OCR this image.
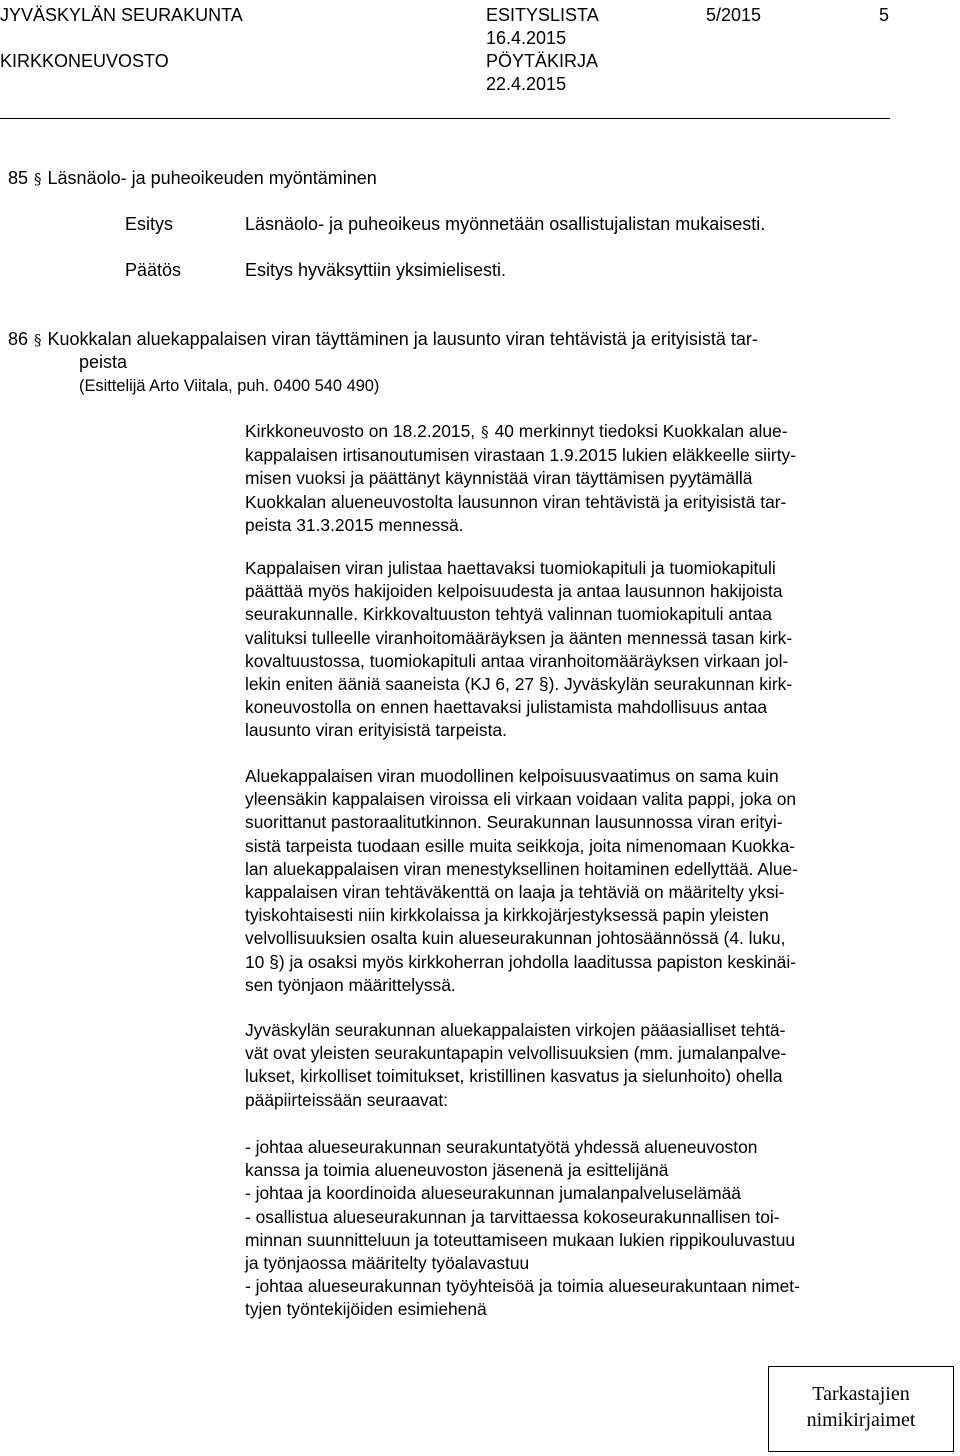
JYVÄSKYLÄN SEURAKUNTA
KIRKKONEUVOSTO
ESITYSLISTA
16.4.2015
PÖYTÄKIRJA
22.4.2015
5/2015	5
85 § Läsnäolo- ja puheoikeuden myöntäminen
Esitys	Läsnäolo- ja puheoikeus myönnetään osallistujalistan mukaisesti.
Päätös	Esitys hyväksyttiin yksimielisesti.
86 § Kuokkalan aluekappalaisen viran täyttäminen ja lausunto viran tehtävistä ja erityisistä tar-
peista
(Esittelijä Arto Viitala, puh. 0400 540 490)
Kirkkoneuvosto on 18.2.2015, § 40 merkinnyt tiedoksi Kuokkalan alue-
kappalaisen irtisanoutumisen virastaan 1.9.2015 lukien eläkkeelle siirty-
misen vuoksi ja päättänyt käynnistää viran täyttämisen pyytämällä
Kuokkalan alueneuvostolta lausunnon viran tehtävistä ja erityisistä tar-
peista 31.3.2015 mennessä.
Kappalaisen viran julistaa haettavaksi tuomiokapituli ja tuomiokapituli
päättää myös hakijoiden kelpoisuudesta ja antaa lausunnon hakijoista
seurakunnalle. Kirkkovaltuuston tehtyä valinnan tuomiokapituli antaa
valituksi tulleelle viranhoitomääräyksen ja äänten mennessä tasan kirk-
kovaltuustossa, tuomiokapituli antaa viranhoitomääräyksen virkaan jol-
lekin eniten ääniä saaneista (KJ 6, 27 §). Jyväskylän seurakunnan kirk-
koneuvostolla on ennen haettavaksi julistamista mahdollisuus antaa
lausunto viran erityisistä tarpeista.
Aluekappalaisen viran muodollinen kelpoisuusvaatimus on sama kuin
yleensäkin kappalaisen viroissa eli virkaan voidaan valita pappi, joka on
suorittanut pastoraalitutkinnon. Seurakunnan lausunnossa viran erityi-
sistä tarpeista tuodaan esille muita seikkoja, joita nimenomaan Kuokka-
lan aluekappalaisen viran menestyksellinen hoitaminen edellyttää. Alue-
kappalaisen viran tehtäväkenttä on laaja ja tehtäviä on määritelty yksi-
tyiskohtaisesti niin kirkkolaissa ja kirkkojärjestyksessä papin yleisten
velvollisuuksien osalta kuin alueseurakunnan johtosäännössä (4. luku,
10 §) ja osaksi myös kirkkoherran johdolla laaditussa papiston keskinäi-
sen työnjaon määrittelyssä.
Jyväskylän seurakunnan aluekappalaisten virkojen pääasialliset tehtä-
vät ovat yleisten seurakuntapapin velvollisuuksien (mm. jumalanpalve-
lukset, kirkolliset toimitukset, kristillinen kasvatus ja sielunhoito) ohella
pääpiirteissään seuraavat:
- johtaa alueseurakunnan seurakuntatyötä yhdessä alueneuvoston
kanssa ja toimia alueneuvoston jäsenenä ja esittelijänä
- johtaa ja koordinoida alueseurakunnan jumalanpalveluselämää
- osallistua alueseurakunnan ja tarvittaessa kokoseurakunnallisen toi-
minnan suunnitteluun ja toteuttamiseen mukaan lukien rippikouluvastuu
ja työnjaossa määritelty työalavastuu
- johtaa alueseurakunnan työyhteisöä ja toimia alueseurakuntaan nimet-
tyjen työntekijöiden esimiehenä
Tarkastajien
nimikirjaimet
